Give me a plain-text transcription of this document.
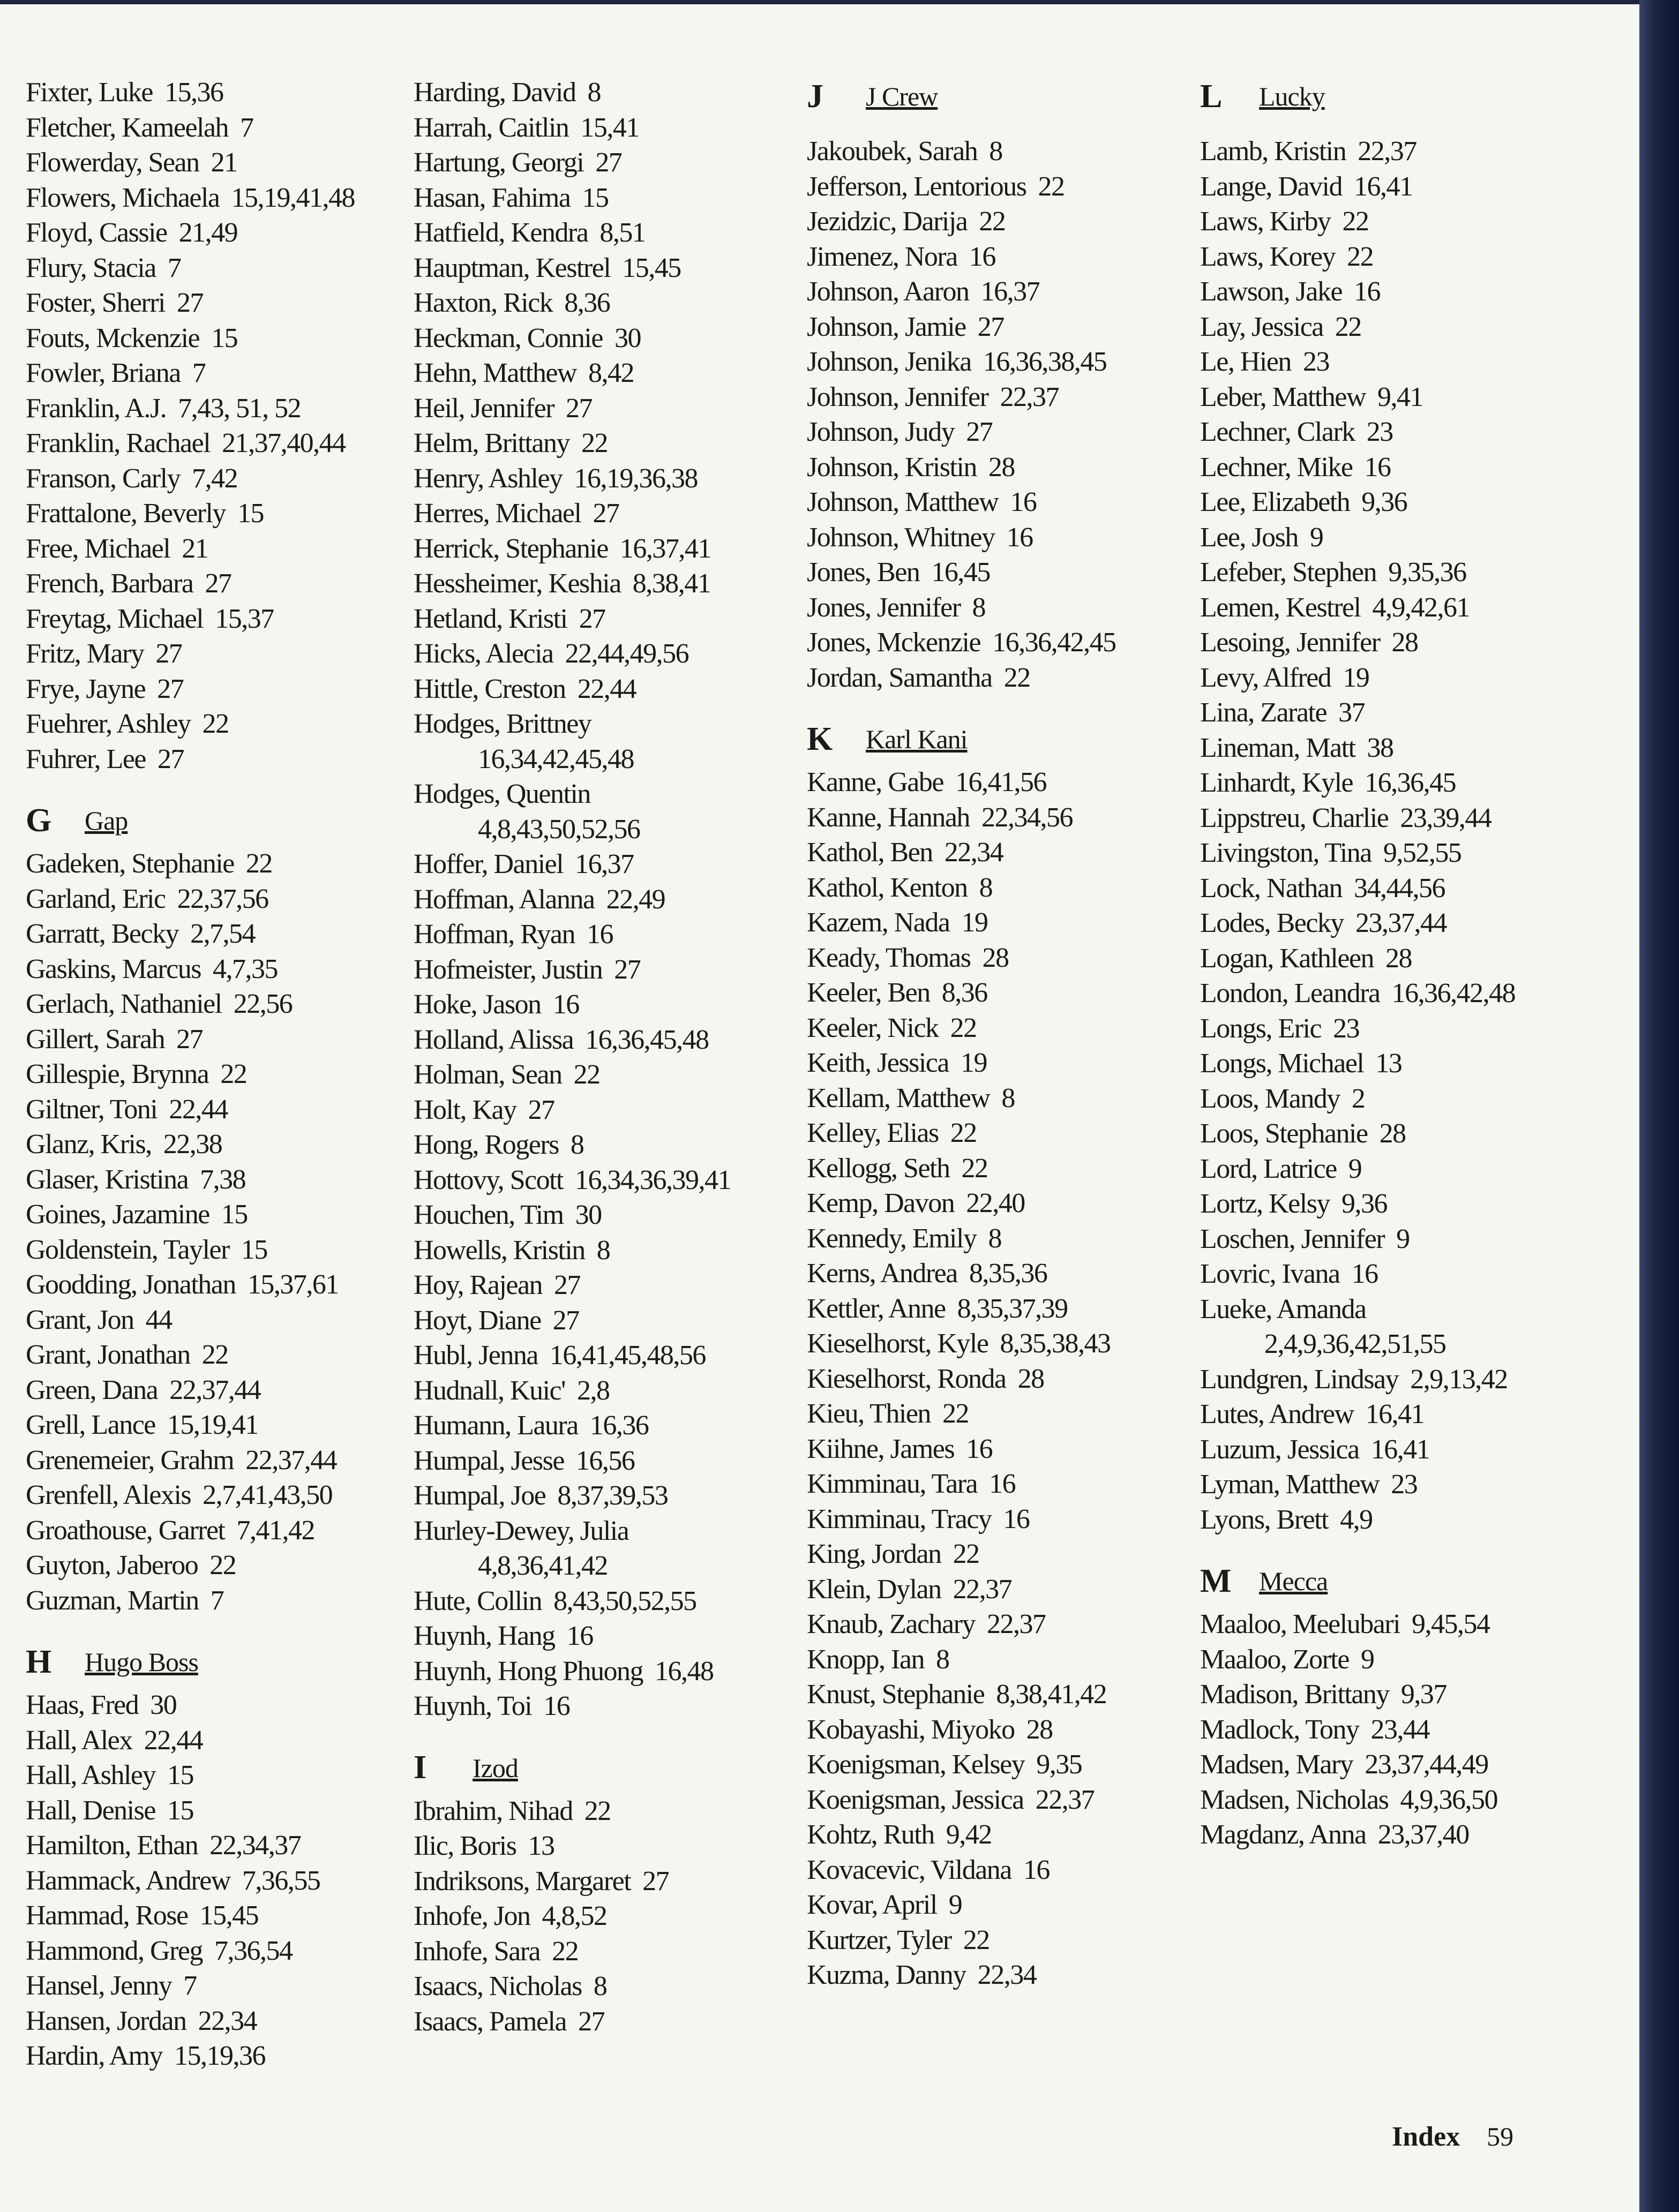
Fixter, Luke 15,36
Fletcher, Kameelah 7
Flowerday, Sean 21
Flowers, Michaela 15,19,41,48
Floyd, Cassie 21,49
Flury, Stacia 7
Foster, Sherri 27
Fouts, Mckenzie 15
Fowler, Briana 7
Franklin, A.J. 7,43, 51, 52
Franklin, Rachael 21,37,40,44
Franson, Carly 7,42
Frattalone, Beverly 15
Free, Michael 21
French, Barbara 27
Freytag, Michael 15,37
Fritz, Mary 27
Frye, Jayne 27
Fuehrer, Ashley 22
Fuhrer, Lee 27
G	Gap
Gadeken, Stephanie 22
Garland, Eric 22,37,56
Garratt, Becky 2,7,54
Gaskins, Marcus 4,7,35
Gerlach, Nathaniel 22,56
Gillert, Sarah 27
Gillespie, Brynna 22
Giltner, Toni 22,44
Glanz, Kris, 22,38
Glaser, Kristina 7,38
Goines, Jazamine 15
Goldenstein, Tayler 15
Goodding, Jonathan 15,37,61
Grant, Jon 44
Grant, Jonathan 22
Green, Dana 22,37,44
Grell, Lance 15,19,41
Grenemeier, Grahm 22,37,44
Grenfell, Alexis 2,7,41,43,50
Groathouse, Garret 7,41,42
Guyton, Jaberoo 22
Guzman, Martin 7
H	Hugo Boss
Haas, Fred 30
Hall, Alex 22,44
Hall, Ashley 15
Hall, Denise 15
Hamilton, Ethan 22,34,37
Hammack, Andrew 7,36,55
Hammad, Rose 15,45
Hammond, Greg 7,36,54
Hansel, Jenny 7
Hansen, Jordan 22,34
Hardin, Amy 15,19,36
Harding, David 8
Harrah, Caitlin 15,41
Hartung, Georgi 27
Hasan, Fahima 15
Hatfield, Kendra 8,51
Hauptman, Kestrel 15,45
Haxton, Rick 8,36
Heckman, Connie 30
Hehn, Matthew 8,42
Heil, Jennifer 27
Helm, Brittany 22
Henry, Ashley 16,19,36,38
Herres, Michael 27
Herrick, Stephanie 16,37,41
Hessheimer, Keshia 8,38,41
Hetland, Kristi 27
Hicks, Alecia 22,44,49,56
Hittle, Creston 22,44
Hodges, Brittney
16,34,42,45,48
Hodges, Quentin
4,8,43,50,52,56
Hoffer, Daniel 16,37
Hoffman, Alanna 22,49
Hoffman, Ryan 16
Hofmeister, Justin 27
Hoke, Jason 16
Holland, Alissa 16,36,45,48
Holman, Sean 22
Holt, Kay 27
Hong, Rogers 8
Hottovy, Scott 16,34,36,39,41
Houchen, Tim 30
Howells, Kristin 8
Hoy, Rajean 27
Hoyt, Diane 27
Hubl, Jenna 16,41,45,48,56
Hudnall, Kuic' 2,8
Humann, Laura 16,36
Humpal, Jesse 16,56
Humpal, Joe 8,37,39,53
Hurley-Dewey, Julia
4,8,36,41,42
Hute, Collin 8,43,50,52,55
Huynh, Hang 16
Huynh, Hong Phuong 16,48
Huynh, Toi 16
I	Izod
Ibrahim, Nihad 22
Ilic, Boris 13
Indriksons, Margaret 27
Inhofe, Jon 4,8,52
Inhofe, Sara 22
Isaacs, Nicholas 8
Isaacs, Pamela 27
J	J Crew
Jakoubek, Sarah 8
Jefferson, Lentorious 22
Jezidzic, Darija 22
Jimenez, Nora 16
Johnson, Aaron 16,37
Johnson, Jamie 27
Johnson, Jenika 16,36,38,45
Johnson, Jennifer 22,37
Johnson, Judy 27
Johnson, Kristin 28
Johnson, Matthew 16
Johnson, Whitney 16
Jones, Ben 16,45
Jones, Jennifer 8
Jones, Mckenzie 16,36,42,45
Jordan, Samantha 22
K	Karl Kani
Kanne, Gabe 16,41,56
Kanne, Hannah 22,34,56
Kathol, Ben 22,34
Kathol, Kenton 8
Kazem, Nada 19
Keady, Thomas 28
Keeler, Ben 8,36
Keeler, Nick 22
Keith, Jessica 19
Kellam, Matthew 8
Kelley, Elias 22
Kellogg, Seth 22
Kemp, Davon 22,40
Kennedy, Emily 8
Kerns, Andrea 8,35,36
Kettler, Anne 8,35,37,39
Kieselhorst, Kyle 8,35,38,43
Kieselhorst, Ronda 28
Kieu, Thien 22
Kiihne, James 16
Kimminau, Tara 16
Kimminau, Tracy 16
King, Jordan 22
Klein, Dylan 22,37
Knaub, Zachary 22,37
Knopp, Ian 8
Knust, Stephanie 8,38,41,42
Kobayashi, Miyoko 28
Koenigsman, Kelsey 9,35
Koenigsman, Jessica 22,37
Kohtz, Ruth 9,42
Kovacevic, Vildana 16
Kovar, April 9
Kurtzer, Tyler 22
Kuzma, Danny 22,34
L	Lucky
Lamb, Kristin 22,37
Lange, David 16,41
Laws, Kirby 22
Laws, Korey 22
Lawson, Jake 16
Lay, Jessica 22
Le, Hien 23
Leber, Matthew 9,41
Lechner, Clark 23
Lechner, Mike 16
Lee, Elizabeth 9,36
Lee, Josh 9
Lefeber, Stephen 9,35,36
Lemen, Kestrel 4,9,42,61
Lesoing, Jennifer 28
Levy, Alfred 19
Lina, Zarate 37
Lineman, Matt 38
Linhardt, Kyle 16,36,45
Lippstreu, Charlie 23,39,44
Livingston, Tina 9,52,55
Lock, Nathan 34,44,56
Lodes, Becky 23,37,44
Logan, Kathleen 28
London, Leandra 16,36,42,48
Longs, Eric 23
Longs, Michael 13
Loos, Mandy 2
Loos, Stephanie 28
Lord, Latrice 9
Lortz, Kelsy 9,36
Loschen, Jennifer 9
Lovric, Ivana 16
Lueke, Amanda
2,4,9,36,42,51,55
Lundgren, Lindsay 2,9,13,42
Lutes, Andrew 16,41
Luzum, Jessica 16,41
Lyman, Matthew 23
Lyons, Brett 4,9
M	Mecca
Maaloo, Meelubari 9,45,54
Maaloo, Zorte 9
Madison, Brittany 9,37
Madlock, Tony 23,44
Madsen, Mary 23,37,44,49
Madsen, Nicholas 4,9,36,50
Magdanz, Anna 23,37,40
Index 59
